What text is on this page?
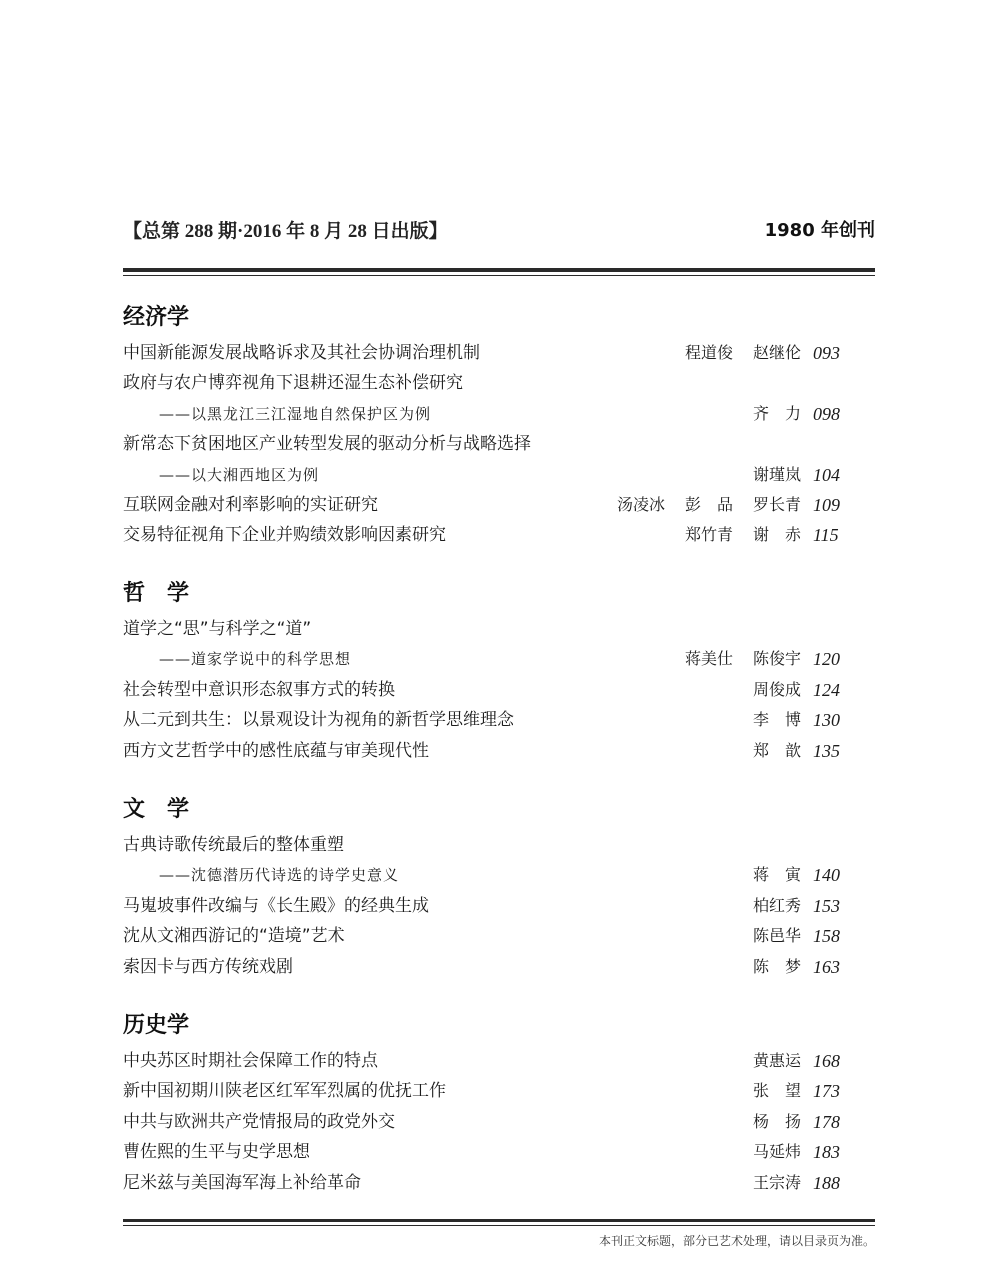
【总第 288 期·2016 年 8 月 28 日出版】	1980 年创刊
经济学
中国新能源发展战略诉求及其社会协调治理机制	程道俊 赵继伦 093
政府与农户博弈视角下退耕还湿生态补偿研究
——以黑龙江三江湿地自然保护区为例	齐　力 098
新常态下贫困地区产业转型发展的驱动分析与战略选择
——以大湘西地区为例	谢瑾岚 104
互联网金融对利率影响的实证研究	汤凌冰 彭　品 罗长青 109
交易特征视角下企业并购绩效影响因素研究	郑竹青 谢　赤 115
哲　学
道学之“思”与科学之“道”
——道家学说中的科学思想	蒋美仕 陈俊宇 120
社会转型中意识形态叙事方式的转换	周俊成 124
从二元到共生：以景观设计为视角的新哲学思维理念	李　博 130
西方文艺哲学中的感性底蕴与审美现代性	郑　歆 135
文　学
古典诗歌传统最后的整体重塑
——沈德潜历代诗选的诗学史意义	蒋　寅 140
马嵬坡事件改编与《长生殿》的经典生成	柏红秀 153
沈从文湘西游记的“造境”艺术	陈邑华 158
索因卡与西方传统戏剧	陈　梦 163
历史学
中央苏区时期社会保障工作的特点	黄惠运 168
新中国初期川陕老区红军军烈属的优抚工作	张　望 173
中共与欧洲共产党情报局的政党外交	杨　扬 178
曹佐熙的生平与史学思想	马延炜 183
尼米兹与美国海军海上补给革命	王宗涛 188
本刊正文标题，部分已艺术处理，请以目录页为准。
